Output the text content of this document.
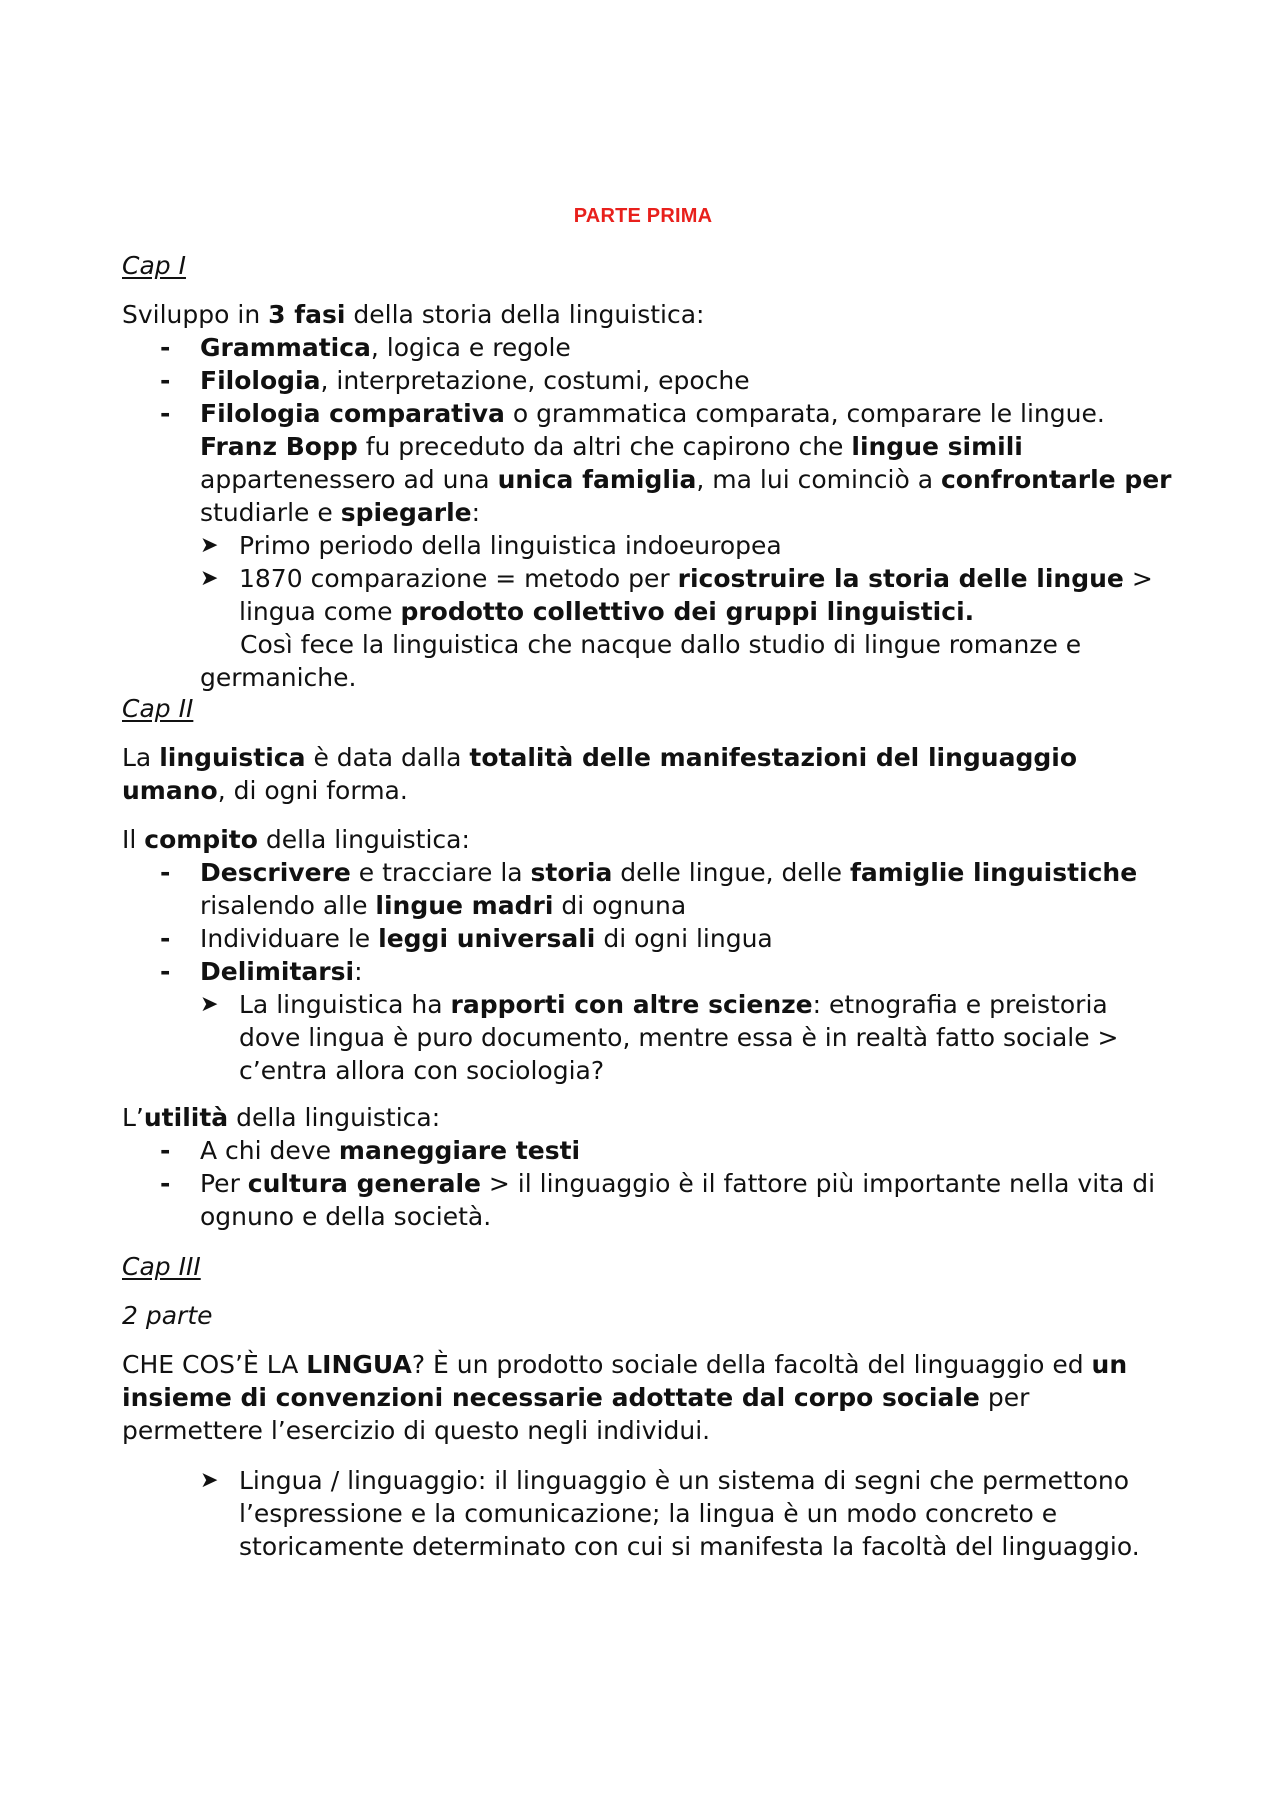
PARTE PRIMA
Cap I

Sviluppo in 3 fasi della storia della linguistica:

- Grammatica, logica e regole
- Filologia, interpretazione, costumi, epoche
- Filologia comparativa o grammatica comparata, comparare le lingue.
Franz Bopp fu preceduto da altri che capirono che lingue simili appartenessero ad una unica famiglia, ma lui cominciò a confrontarle per studiarle e spiegarle:
➤ Primo periodo della linguistica indoeuropea
➤ 1870 comparazione = metodo per ricostruire la storia delle lingue > lingua come prodotto collettivo dei gruppi linguistici.
Così fece la linguistica che nacque dallo studio di lingue romanze e germaniche.
Cap II

La linguistica è data dalla totalità delle manifestazioni del linguaggio umano, di ogni forma.

Il compito della linguistica:

- Descrivere e tracciare la storia delle lingue, delle famiglie linguistiche risalendo alle lingue madri di ognuna
- Individuare le leggi universali di ogni lingua
- Delimitarsi:
➤ La linguistica ha rapporti con altre scienze: etnografia e preistoria dove lingua è puro documento, mentre essa è in realtà fatto sociale > c’entra allora con sociologia?

L’utilità della linguistica:

- A chi deve maneggiare testi
- Per cultura generale > il linguaggio è il fattore più importante nella vita di ognuno e della società.
Cap III
2 parte

CHE COS’È LA LINGUA? È un prodotto sociale della facoltà del linguaggio ed un insieme di convenzioni necessarie adottate dal corpo sociale per permettere l’esercizio di questo negli individui.

➤ Lingua / linguaggio: il linguaggio è un sistema di segni che permettono l’espressione e la comunicazione; la lingua è un modo concreto e storicamente determinato con cui si manifesta la facoltà del linguaggio.
